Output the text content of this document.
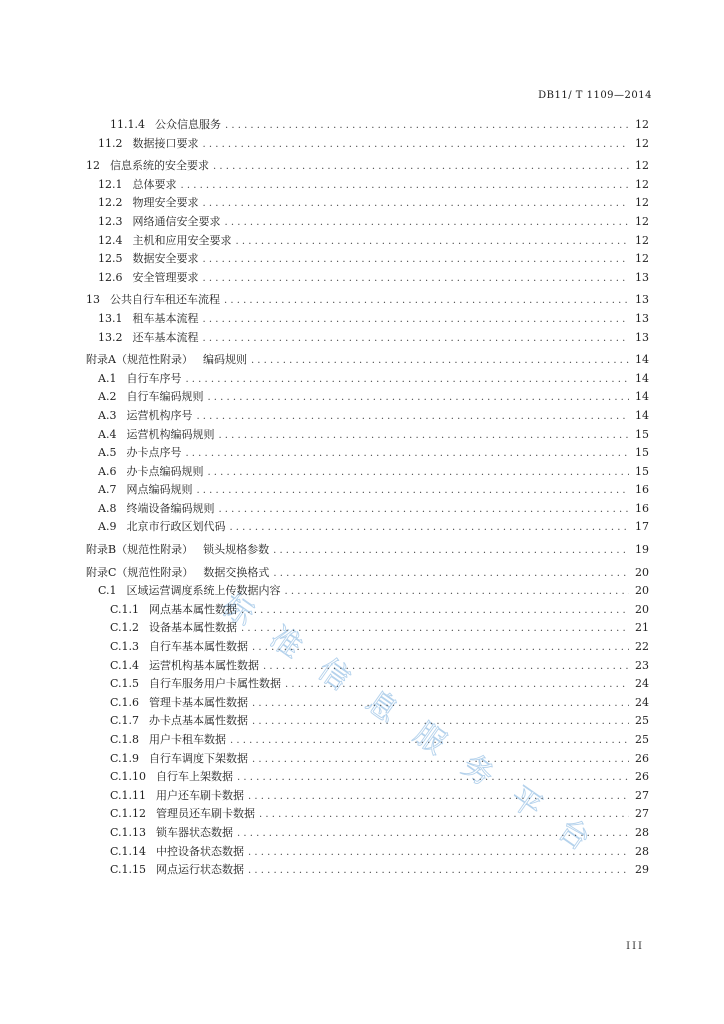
DB11/ T 1109—2014
标
准
信
息
服
务
平
台
11.1.4 公众信息服务 . . .	12
11.2 数据接口要求 . . .	12
12 信息系统的安全要求 . . .	12
12.1 总体要求 . . .	12
12.2 物理安全要求 . . .	12
12.3 网络通信安全要求 . . .	12
12.4 主机和应用安全要求 . . .	12
12.5 数据安全要求 . . .	12
12.6 安全管理要求 . . .	13
13 公共自行车租还车流程 . . .	13
13.1 租车基本流程 . . .	13
13.2 还车基本流程 . . .	13
附录A（规范性附录） 编码规则 . . .	14
A.1 自行车序号 . . .	14
A.2 自行车编码规则 . . .	14
A.3 运营机构序号 . . .	14
A.4 运营机构编码规则 . . .	15
A.5 办卡点序号 . . .	15
A.6 办卡点编码规则 . . .	15
A.7 网点编码规则 . . .	16
A.8 终端设备编码规则 . . .	16
A.9 北京市行政区划代码 . . .	17
附录B（规范性附录） 锁头规格参数 . . .	19
附录C（规范性附录） 数据交换格式 . . .	20
C.1 区域运营调度系统上传数据内容 . . .	20
C.1.1 网点基本属性数据 . . .	20
C.1.2 设备基本属性数据 . . .	21
C.1.3 自行车基本属性数据 . . .	22
C.1.4 运营机构基本属性数据 . . .	23
C.1.5 自行车服务用户卡属性数据 . . .	24
C.1.6 管理卡基本属性数据 . . .	24
C.1.7 办卡点基本属性数据 . . .	25
C.1.8 用户卡租车数据 . . .	25
C.1.9 自行车调度下架数据 . . .	26
C.1.10 自行车上架数据 . . .	26
C.1.11 用户还车刷卡数据 . . .	27
C.1.12 管理员还车刷卡数据 . . .	27
C.1.13 锁车器状态数据 . . .	28
C.1.14 中控设备状态数据 . . .	28
C.1.15 网点运行状态数据 . . .	29
III
